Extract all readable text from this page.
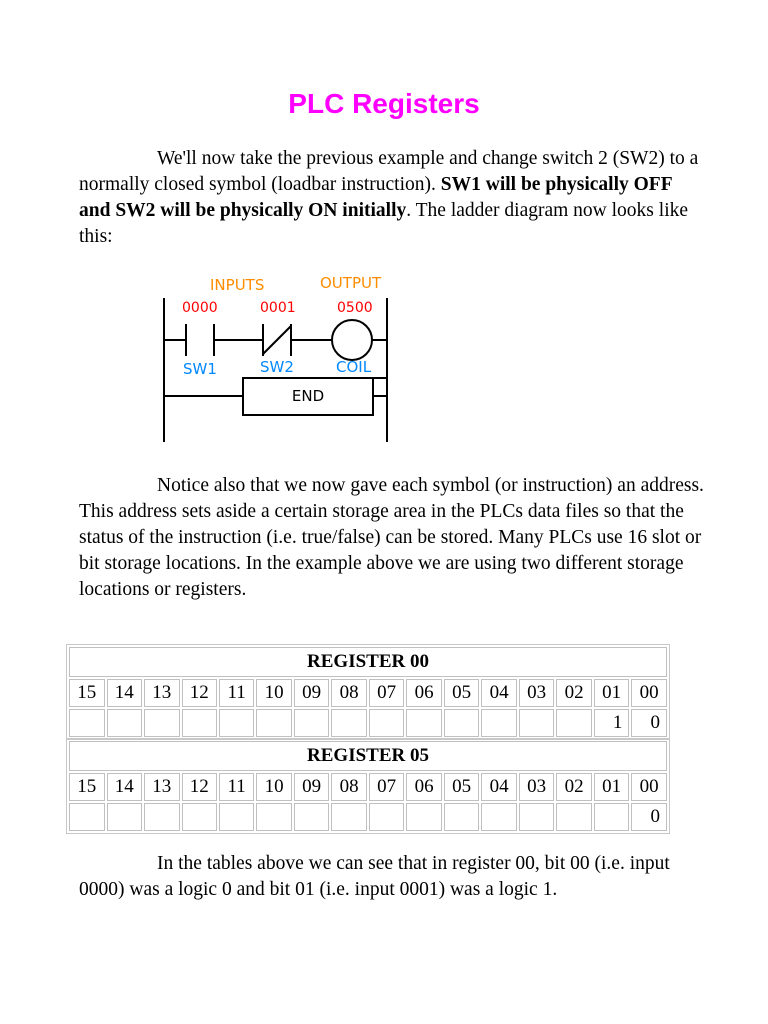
PLC Registers

We'll now take the previous example and change switch 2 (SW2) to a normally closed symbol (loadbar instruction). SW1 will be physically OFF and SW2 will be physically ON initially. The ladder diagram now looks like this:

INPUTS	OUTPUT
0000	0001	0500
SW1	SW2	COIL
END

Notice also that we now gave each symbol (or instruction) an address. This address sets aside a certain storage area in the PLCs data files so that the status of the instruction (i.e. true/false) can be stored. Many PLCs use 16 slot or bit storage locations. In the example above we are using two different storage locations or registers.

REGISTER 00															
15	14	13	12	11	10	09	08	07	06	05	04	03	02	01	00
														1	0
REGISTER 05															
15	14	13	12	11	10	09	08	07	06	05	04	03	02	01	00
															0

In the tables above we can see that in register 00, bit 00 (i.e. input 0000) was a logic 0 and bit 01 (i.e. input 0001) was a logic 1.
